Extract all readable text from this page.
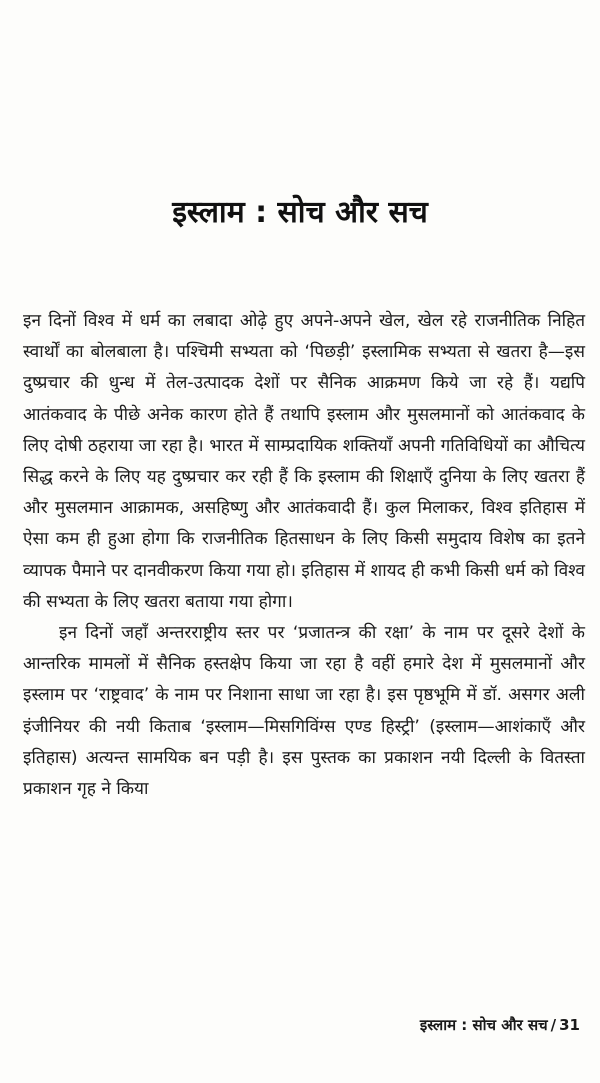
इस्लाम : सोच और सच

इन दिनों विश्व में धर्म का लबादा ओढ़े हुए अपने-अपने खेल, खेल रहे राजनीतिक निहित स्वार्थों का बोलबाला है। पश्चिमी सभ्यता को ‘पिछड़ी’ इस्लामिक सभ्यता से खतरा है—इस दुष्प्रचार की धुन्ध में तेल-उत्पादक देशों पर सैनिक आक्रमण किये जा रहे हैं। यद्यपि आतंकवाद के पीछे अनेक कारण होते हैं तथापि इस्लाम और मुसलमानों को आतंकवाद के लिए दोषी ठहराया जा रहा है। भारत में साम्प्रदायिक शक्तियाँ अपनी गतिविधियों का औचित्य सिद्ध करने के लिए यह दुष्प्रचार कर रही हैं कि इस्लाम की शिक्षाएँ दुनिया के लिए खतरा हैं और मुसलमान आक्रामक, असहिष्णु और आतंकवादी हैं। कुल मिलाकर, विश्व इतिहास में ऐसा कम ही हुआ होगा कि राजनीतिक हितसाधन के लिए किसी समुदाय विशेष का इतने व्यापक पैमाने पर दानवीकरण किया गया हो। इतिहास में शायद ही कभी किसी धर्म को विश्व की सभ्यता के लिए खतरा बताया गया होगा।

इन दिनों जहाँ अन्तरराष्ट्रीय स्तर पर ‘प्रजातन्त्र की रक्षा’ के नाम पर दूसरे देशों के आन्तरिक मामलों में सैनिक हस्तक्षेप किया जा रहा है वहीं हमारे देश में मुसलमानों और इस्लाम पर ‘राष्ट्रवाद’ के नाम पर निशाना साधा जा रहा है। इस पृष्ठभूमि में डॉ. असगर अली इंजीनियर की नयी किताब ‘इस्लाम—मिसगिविंग्स एण्ड हिस्ट्री’ (इस्लाम—आशंकाएँ और इतिहास) अत्यन्त सामयिक बन पड़ी है। इस पुस्तक का प्रकाशन नयी दिल्ली के वितस्ता प्रकाशन गृह ने किया

इस्लाम : सोच और सच / 31
